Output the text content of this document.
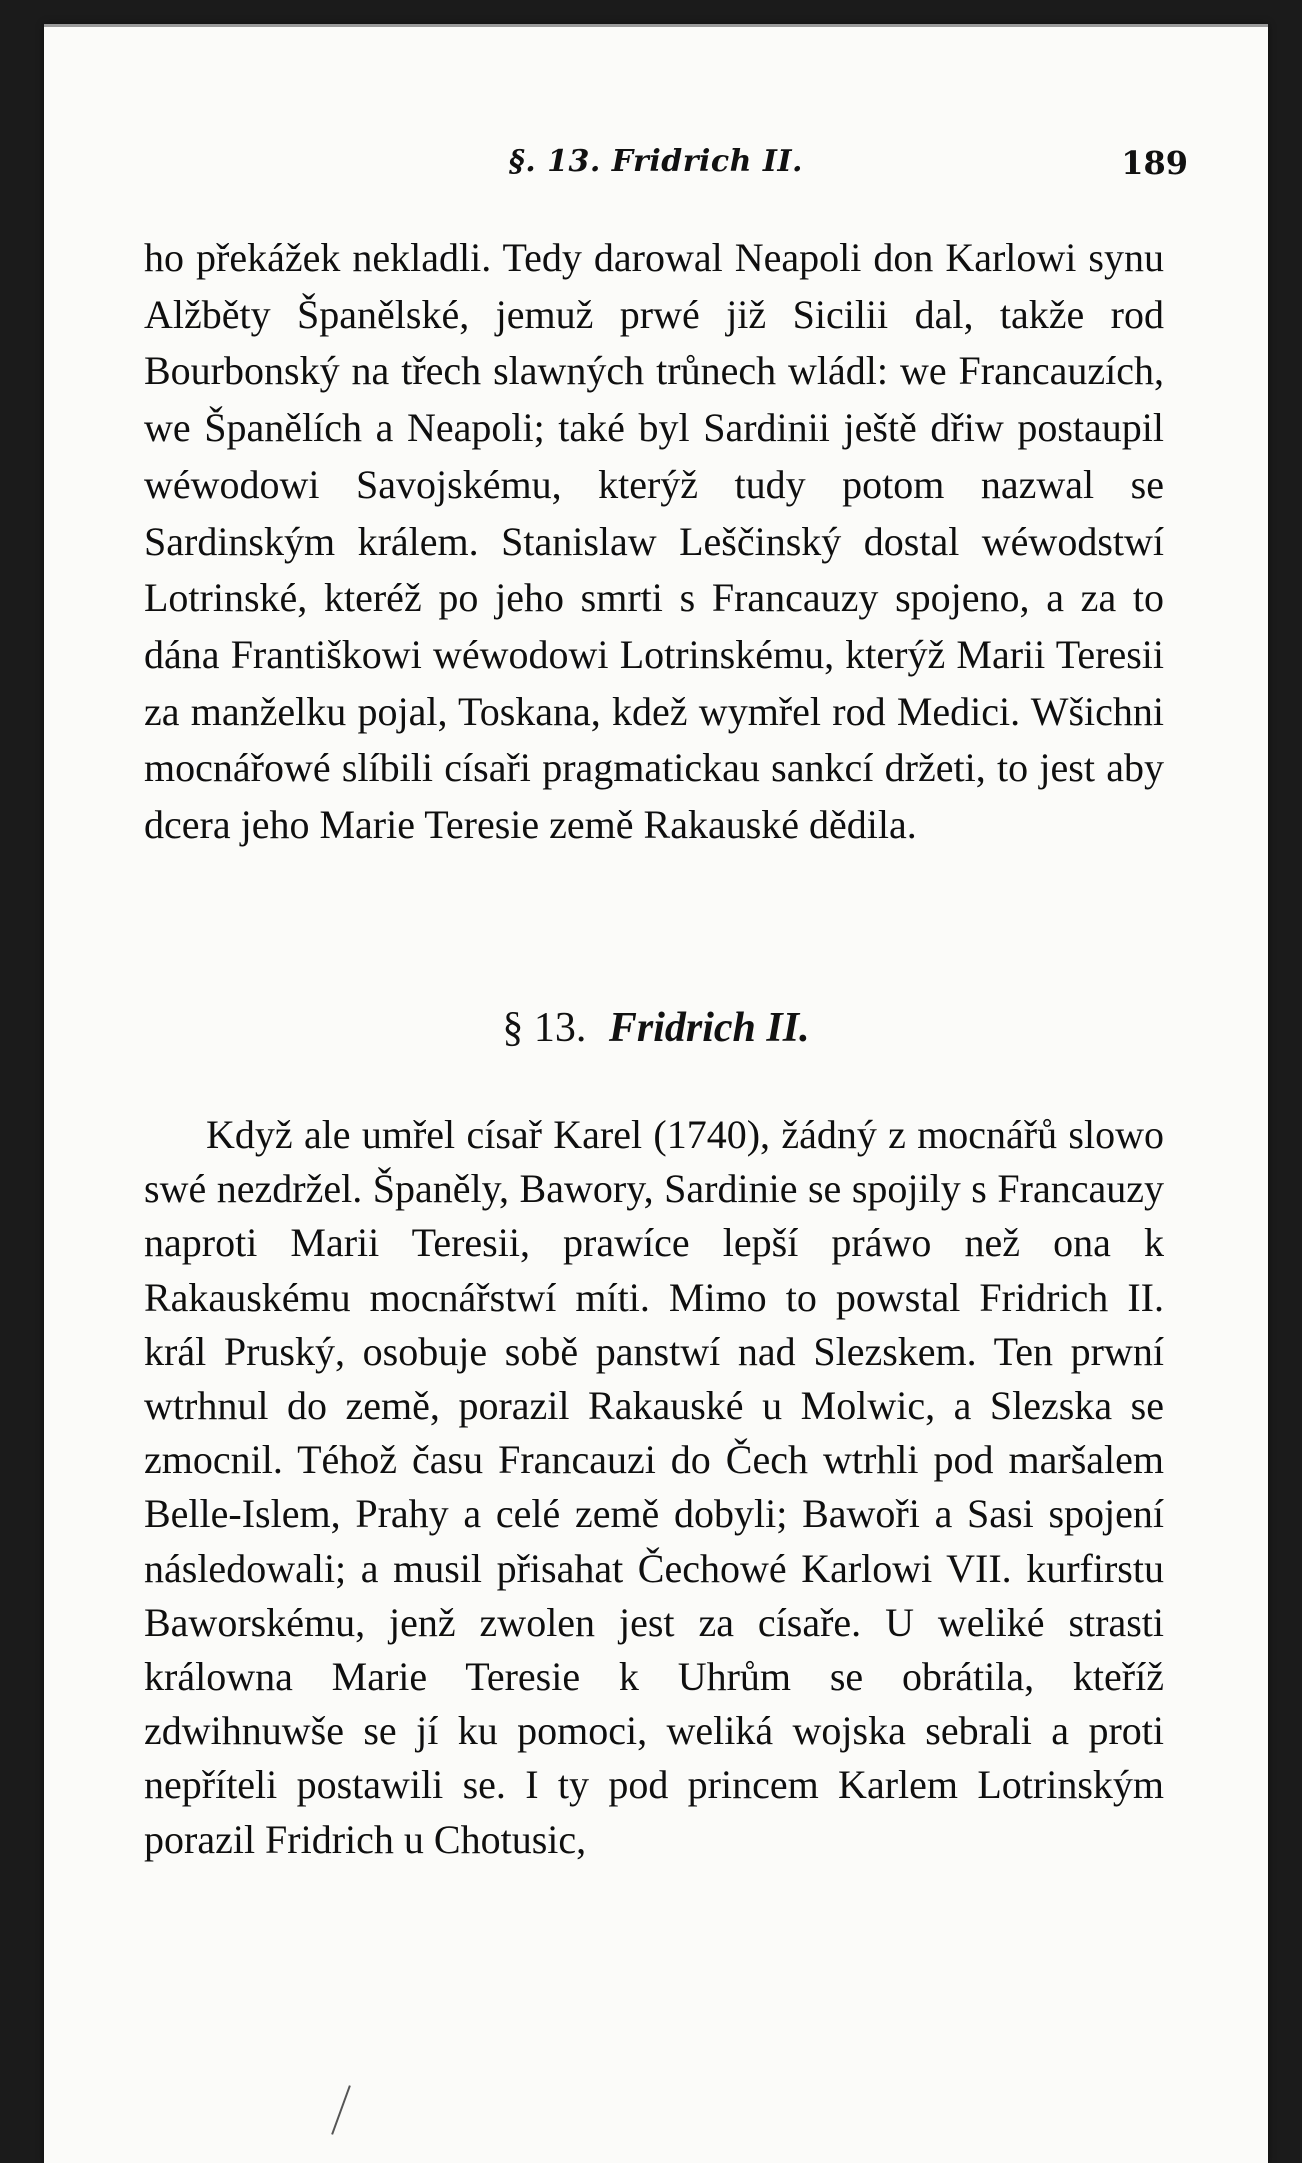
§. 13. Fridrich II.	189

ho překážek nekladli. Tedy darowal Neapoli don Karlowi synu Alžběty Španělské, jemuž prwé již Sicilii dal, takže rod Bourbonský na třech slawných trůnech wládl: we Francauzích, we Španělích a Neapoli; také byl Sardinii ještě dřiw postaupil wéwodowi Savojskému, kterýž tudy potom nazwal se Sardinským králem. Stanislaw Leščinský dostal wéwodstwí Lotrinské, kteréž po jeho smrti s Francauzy spojeno, a za to dána Františkowi wéwodowi Lotrinskému, kterýž Marii Teresii za manželku pojal, Toskana, kdež wymřel rod Medici. Wšichni mocnářowé slíbili císaři pragmatickau sankcí držeti, to jest aby dcera jeho Marie Teresie země Rakauské dědila.

§ 13. Fridrich II.

Když ale umřel císař Karel (1740), žádný z mocnářů slowo swé nezdržel. Španěly, Bawory, Sardinie se spojily s Francauzy naproti Marii Teresii, prawíce lepší práwo než ona k Rakauskému mocnářstwí míti. Mimo to powstal Fridrich II. král Pruský, osobuje sobě panstwí nad Slezskem. Ten prwní wtrhnul do země, porazil Rakauské u Molwic, a Slezska se zmocnil. Téhož času Francauzi do Čech wtrhli pod maršalem Belle-Islem, Prahy a celé země dobyli; Bawoři a Sasi spojení následowali; a musil přisahat Čechowé Karlowi VII. kurfirstu Baworskému, jenž zwolen jest za císaře. U weliké strasti králowna Marie Teresie k Uhrům se obrátila, kteříž zdwihnuwše se jí ku pomoci, weliká wojska sebrali a proti nepříteli postawili se. I ty pod princem Karlem Lotrinským porazil Fridrich u Chotusic,
